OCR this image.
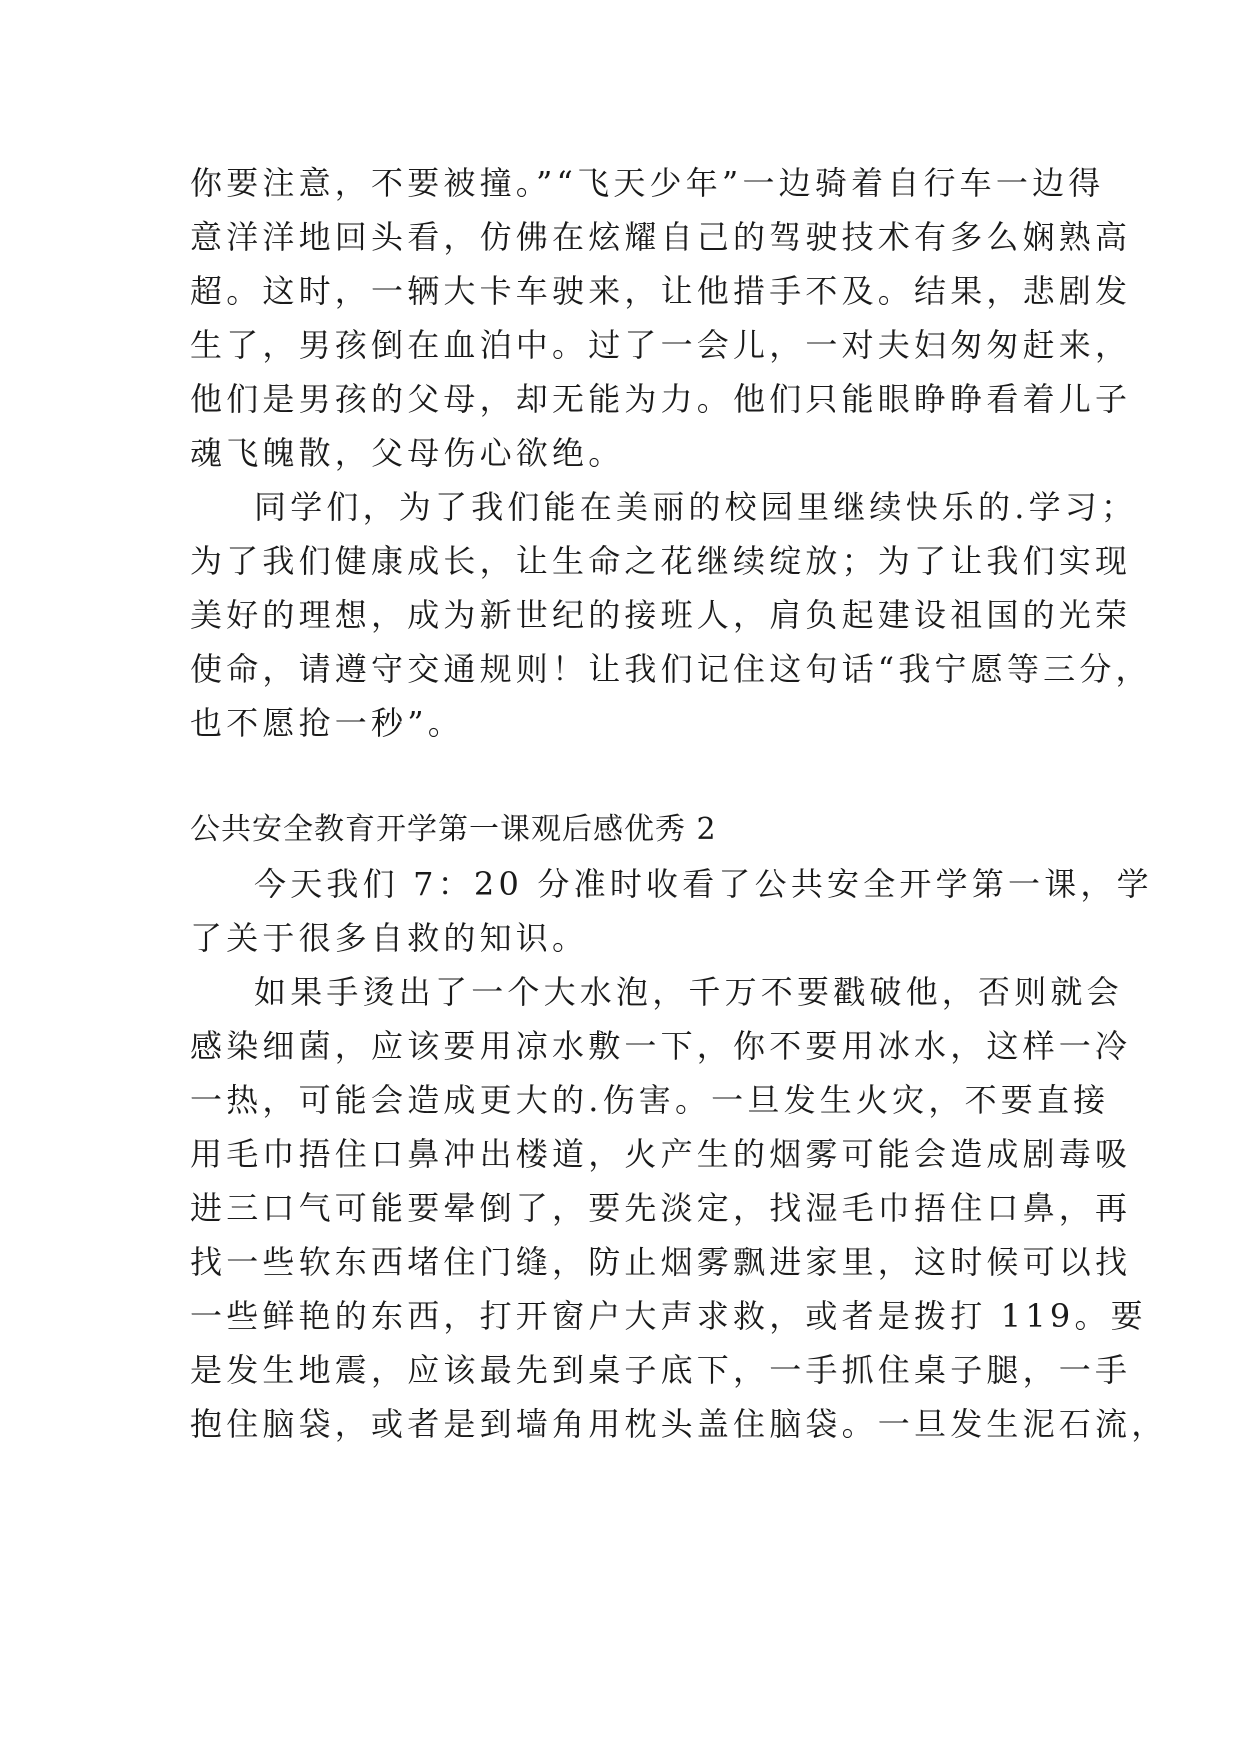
你要注意，不要被撞。”“飞天少年”一边骑着自行车一边得
意洋洋地回头看，仿佛在炫耀自己的驾驶技术有多么娴熟高
超。这时，一辆大卡车驶来，让他措手不及。结果，悲剧发
生了，男孩倒在血泊中。过了一会儿，一对夫妇匆匆赶来，
他们是男孩的父母，却无能为力。他们只能眼睁睁看着儿子
魂飞魄散，父母伤心欲绝。
同学们，为了我们能在美丽的校园里继续快乐的.学习；
为了我们健康成长，让生命之花继续绽放；为了让我们实现
美好的理想，成为新世纪的接班人，肩负起建设祖国的光荣
使命，请遵守交通规则！让我们记住这句话“我宁愿等三分，
也不愿抢一秒”。
公共安全教育开学第一课观后感优秀 2
今天我们 7：20 分准时收看了公共安全开学第一课，学
了关于很多自救的知识。
如果手烫出了一个大水泡，千万不要戳破他，否则就会
感染细菌，应该要用凉水敷一下，你不要用冰水，这样一冷
一热，可能会造成更大的.伤害。一旦发生火灾，不要直接
用毛巾捂住口鼻冲出楼道，火产生的烟雾可能会造成剧毒吸
进三口气可能要晕倒了，要先淡定，找湿毛巾捂住口鼻，再
找一些软东西堵住门缝，防止烟雾飘进家里，这时候可以找
一些鲜艳的东西，打开窗户大声求救，或者是拨打 119。要
是发生地震，应该最先到桌子底下，一手抓住桌子腿，一手
抱住脑袋，或者是到墙角用枕头盖住脑袋。一旦发生泥石流，
